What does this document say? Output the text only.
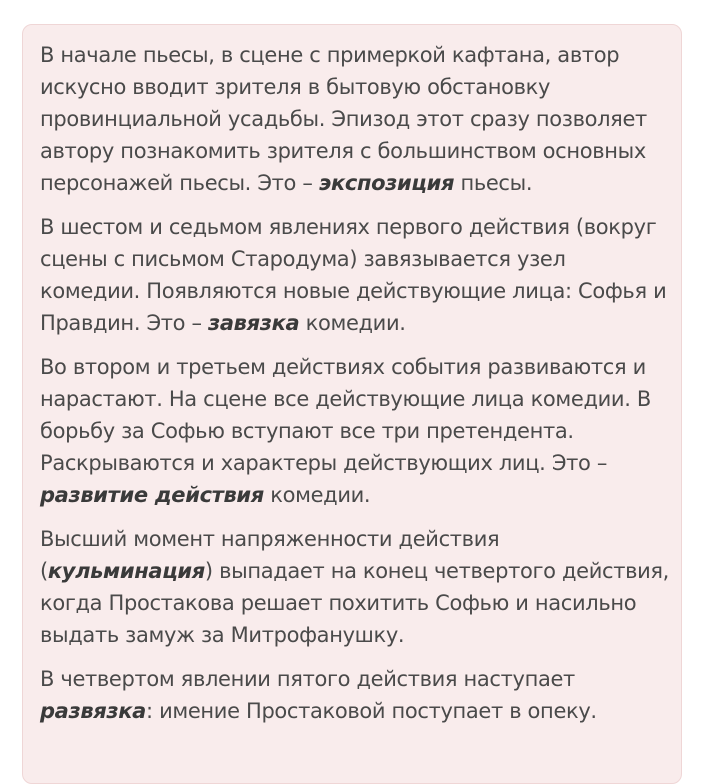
В начале пьесы, в сцене с примеркой кафтана, автор искусно вводит зрителя в бытовую обстановку провинциальной усадьбы. Эпизод этот сразу позволяет автору познакомить зрителя с большинством основных персонажей пьесы. Это – экспозиция пьесы.

В шестом и седьмом явлениях первого действия (вокруг сцены с письмом Стародума) завязывается узел комедии. Появляются новые действующие лица: Софья и Правдин. Это – завязка комедии.

Во втором и третьем действиях события развиваются и нарастают. На сцене все действующие лица комедии. В борьбу за Софью вступают все три претендента. Раскрываются и характеры действующих лиц. Это – развитие действия комедии.

Высший момент напряженности действия (кульминация) выпадает на конец четвертого действия, когда Простакова решает похитить Софью и насильно выдать замуж за Митрофанушку.

В четвертом явлении пятого действия наступает развязка: имение Простаковой поступает в опеку.
